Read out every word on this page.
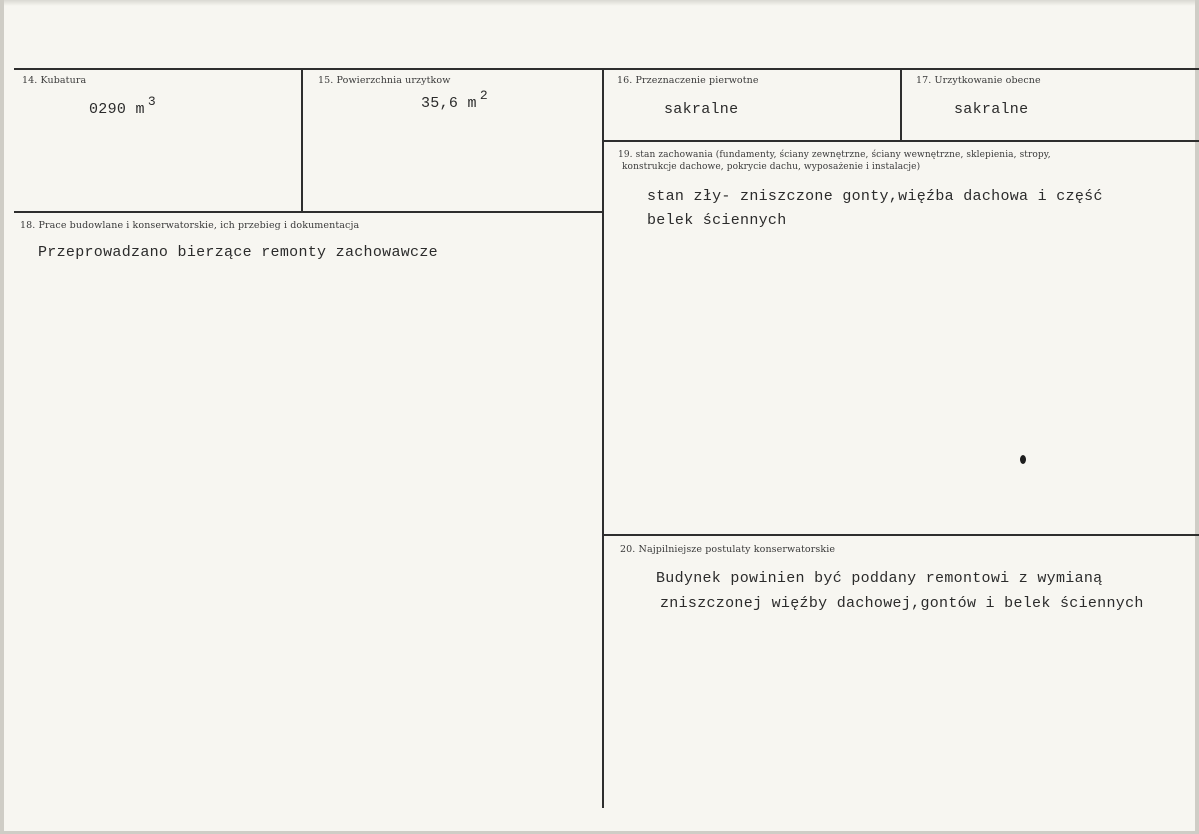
14. Kubatura
0290 m 3
15. Powierzchnia urzytkow
35,6 m 2
16. Przeznaczenie pierwotne
sakralne
17. Urzytkowanie obecne
sakralne
18. Prace budowlane i konserwatorskie, ich przebieg i dokumentacja
Przeprowadzano bierzące remonty zachowawcze
19. stan zachowania (fundamenty, ściany zewnętrzne, ściany wewnętrzne, sklepienia, stropy,
konstrukcje dachowe, pokrycie dachu, wyposażenie i instalacje)
stan zły- zniszczone gonty,więźba dachowa i część
belek ściennych
20. Najpilniejsze postulaty konserwatorskie
Budynek powinien być poddany remontowi z wymianą
zniszczonej więźby dachowej,gontów i belek ściennych
